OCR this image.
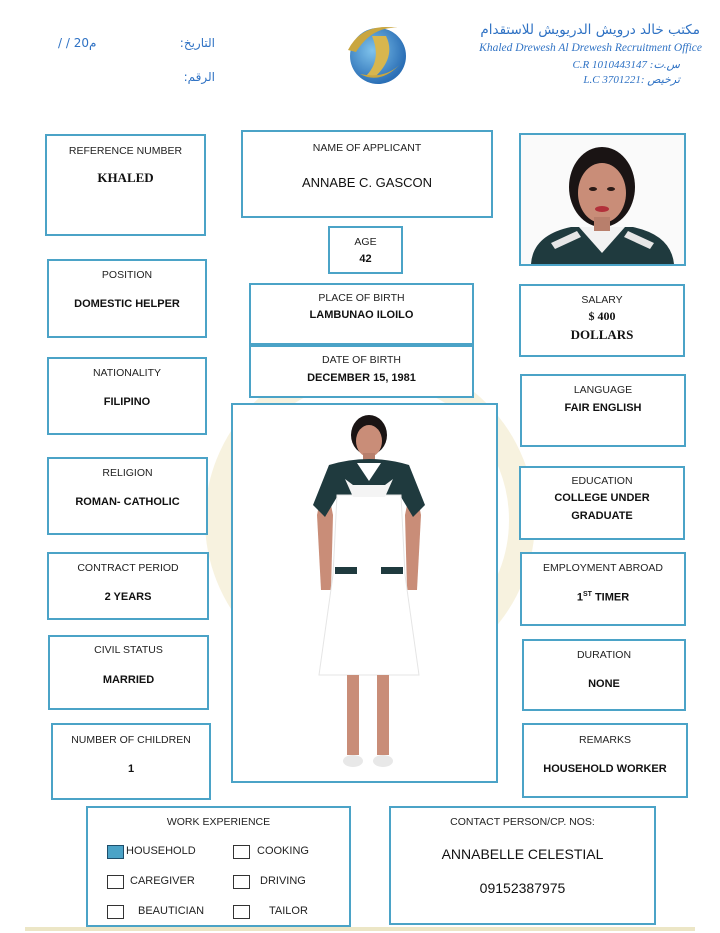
التاريخ:
/ / 20م
الرقم:
مكتب خالد درويش الدريويش للاستقدام
Khaled Drewesh Al Drewesh Recruitment Office
C.R 1010443147 :س.ت
L.C 3701221: ترخيص
REFERENCE NUMBER
KHALED
NAME OF APPLICANT
ANNABE C. GASCON
AGE
42
POSITION
DOMESTIC HELPER	PLACE OF BIRTH
LAMBUNAO ILOILO
SALARY
$ 400
DOLLARS
DATE OF BIRTH
DECEMBER 15, 1981
NATIONALITY
FILIPINO
LANGUAGE
FAIR ENGLISH
RELIGION
ROMAN- CATHOLIC
EDUCATION
COLLEGE UNDER
GRADUATE
CONTRACT PERIOD
2 YEARS
EMPLOYMENT ABROAD
1ST TIMER
CIVIL STATUS
MARRIED
DURATION
NONE
NUMBER OF CHILDREN
1
REMARKS
HOUSEHOLD WORKER
WORK EXPERIENCE
HOUSEHOLD	COOKING
CAREGIVER	DRIVING
BEAUTICIAN	TAILOR
CONTACT PERSON/CP. NOS:
ANNABELLE CELESTIAL
09152387975
